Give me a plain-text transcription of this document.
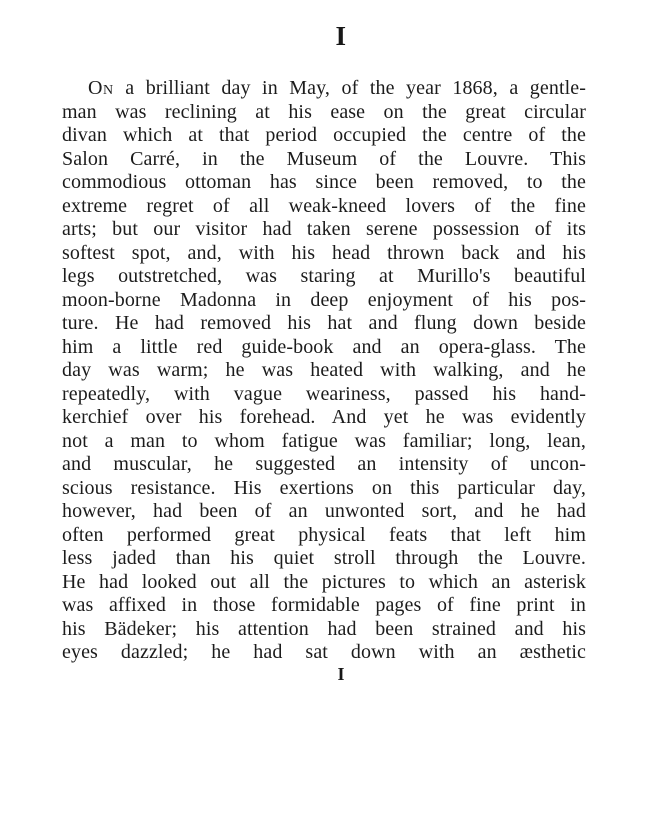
I
On a brilliant day in May, of the year 1868, a gentle-
man was reclining at his ease on the great circular
divan which at that period occupied the centre of the
Salon Carré, in the Museum of the Louvre. This
commodious ottoman has since been removed, to the
extreme regret of all weak-kneed lovers of the fine
arts; but our visitor had taken serene possession of its
softest spot, and, with his head thrown back and his
legs outstretched, was staring at Murillo's beautiful
moon-borne Madonna in deep enjoyment of his pos-
ture. He had removed his hat and flung down beside
him a little red guide-book and an opera-glass. The
day was warm; he was heated with walking, and he
repeatedly, with vague weariness, passed his hand-
kerchief over his forehead. And yet he was evidently
not a man to whom fatigue was familiar; long, lean,
and muscular, he suggested an intensity of uncon-
scious resistance. His exertions on this particular day,
however, had been of an unwonted sort, and he had
often performed great physical feats that left him
less jaded than his quiet stroll through the Louvre.
He had looked out all the pictures to which an asterisk
was affixed in those formidable pages of fine print in
his Bädeker; his attention had been strained and his
eyes dazzled; he had sat down with an æsthetic
I
